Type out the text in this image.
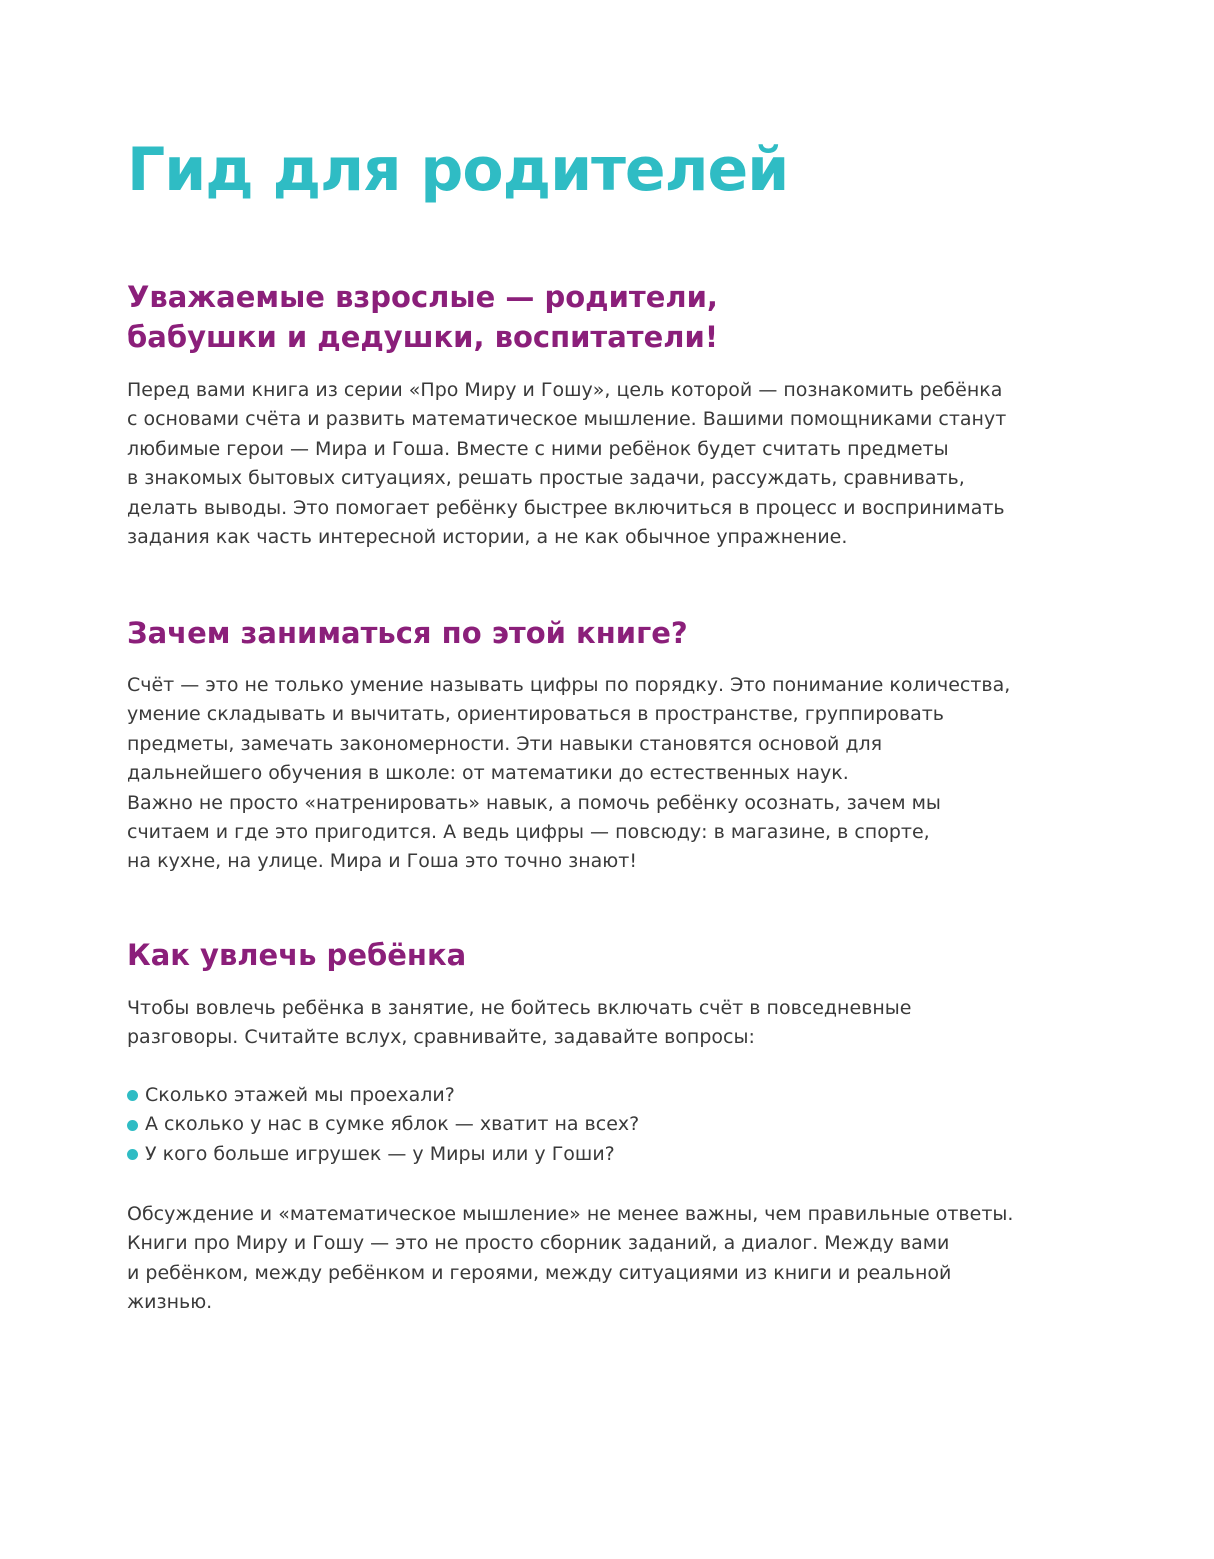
Гид для родителей
Уважаемые взрослые — родители,
бабушки и дедушки, воспитатели!
Перед вами книга из серии «Про Миру и Гошу», цель которой — познакомить ребёнка
с основами счёта и развить математическое мышление. Вашими помощниками станут
любимые герои — Мира и Гоша. Вместе с ними ребёнок будет считать предметы
в знакомых бытовых ситуациях, решать простые задачи, рассуждать, сравнивать,
делать выводы. Это помогает ребёнку быстрее включиться в процесс и воспринимать
задания как часть интересной истории, а не как обычное упражнение.
Зачем заниматься по этой книге?
Счёт — это не только умение называть цифры по порядку. Это понимание количества,
умение складывать и вычитать, ориентироваться в пространстве, группировать
предметы, замечать закономерности. Эти навыки становятся основой для
дальнейшего обучения в школе: от математики до естественных наук.
Важно не просто «натренировать» навык, а помочь ребёнку осознать, зачем мы
считаем и где это пригодится. А ведь цифры — повсюду: в магазине, в спорте,
на кухне, на улице. Мира и Гоша это точно знают!
Как увлечь ребёнка
Чтобы вовлечь ребёнка в занятие, не бойтесь включать счёт в повседневные
разговоры. Считайте вслух, сравнивайте, задавайте вопросы:
Сколько этажей мы проехали?
А сколько у нас в сумке яблок — хватит на всех?
У кого больше игрушек — у Миры или у Гоши?
Обсуждение и «математическое мышление» не менее важны, чем правильные ответы.
Книги про Миру и Гошу — это не просто сборник заданий, а диалог. Между вами
и ребёнком, между ребёнком и героями, между ситуациями из книги и реальной
жизнью.
